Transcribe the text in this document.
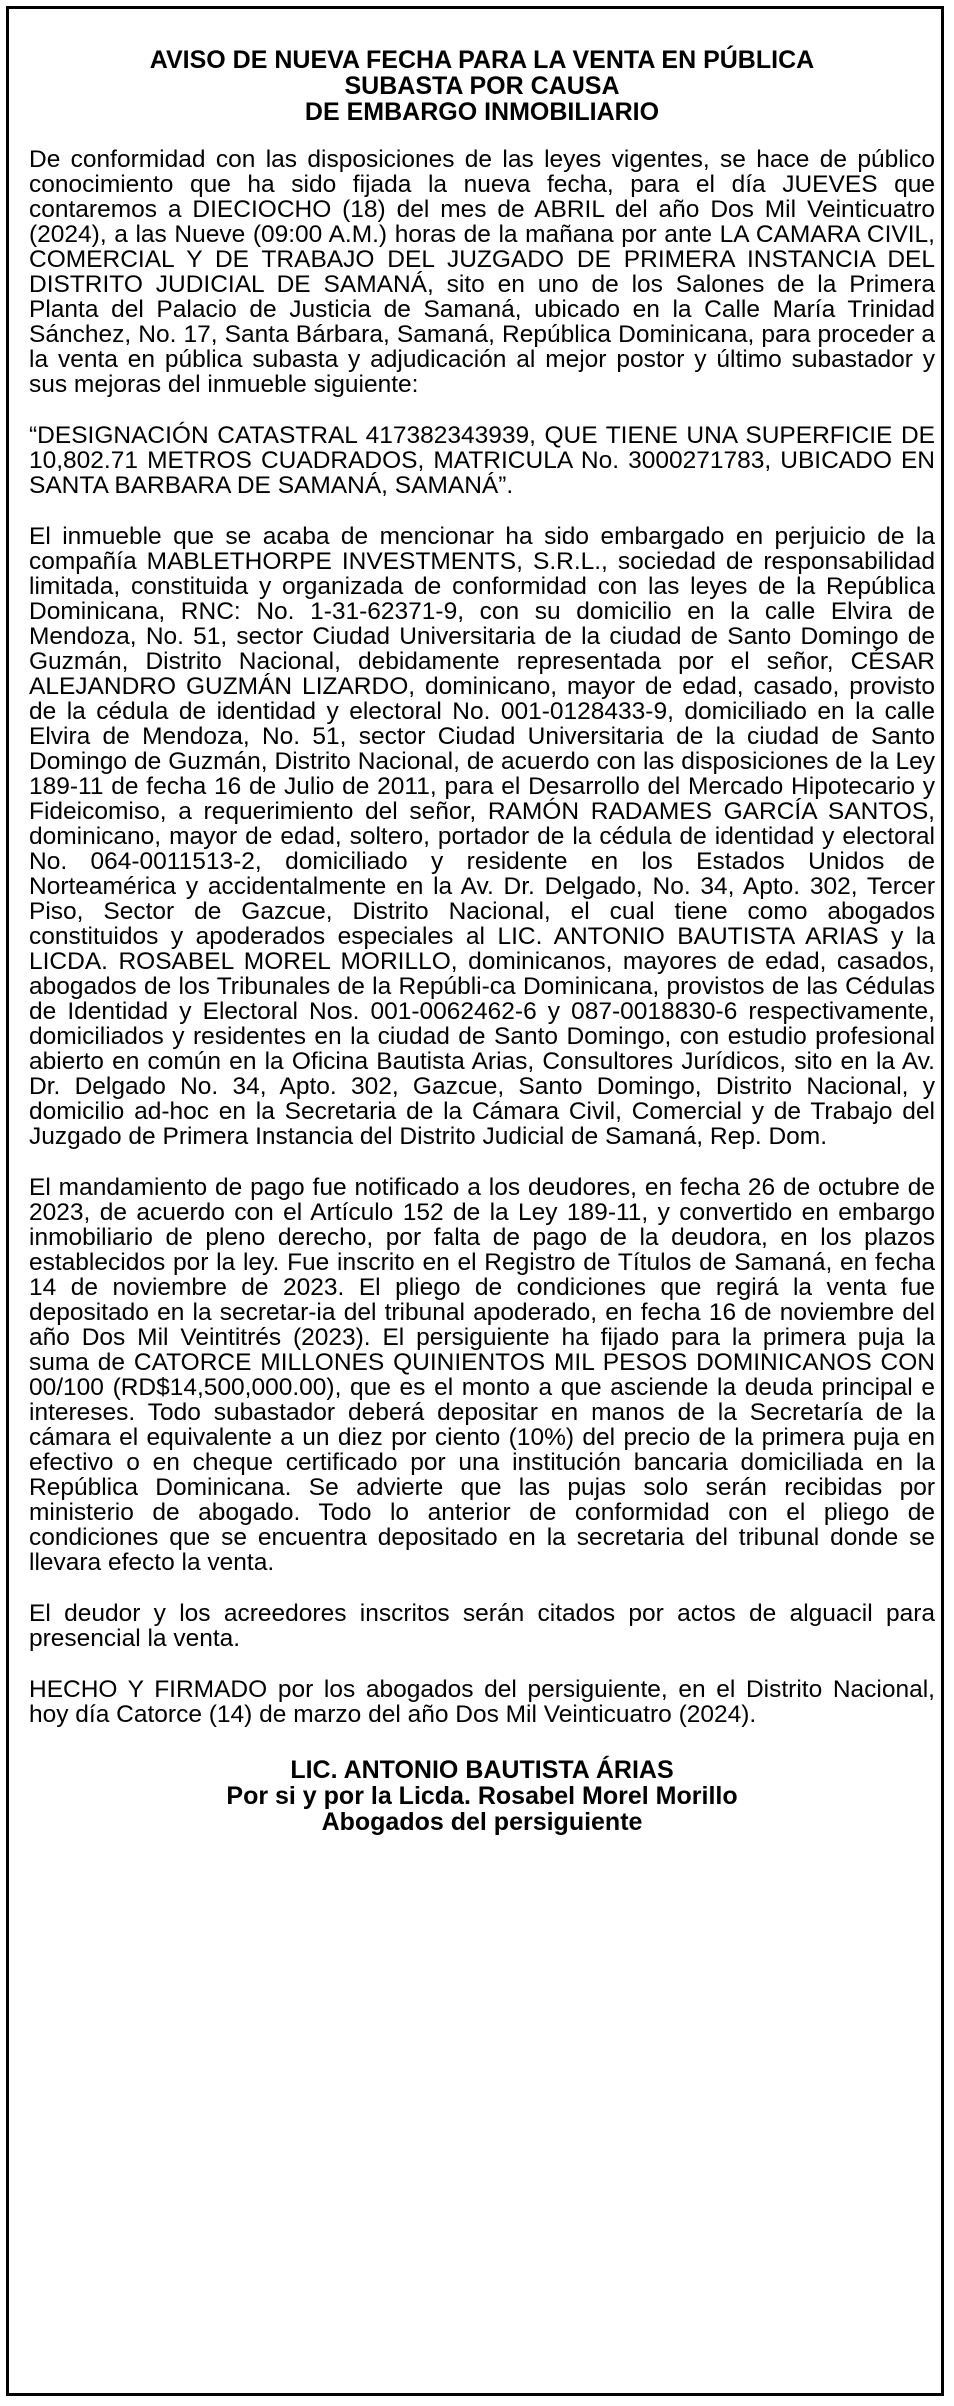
AVISO DE NUEVA FECHA PARA LA VENTA EN PÚBLICA
SUBASTA POR CAUSA
DE EMBARGO INMOBILIARIO

De conformidad con las disposiciones de las leyes vigentes, se hace de público conocimiento que ha sido fijada la nueva fecha, para el día JUEVES que contaremos a DIECIOCHO (18) del mes de ABRIL del año Dos Mil Veinticuatro (2024), a las Nueve (09:00 A.M.) horas de la mañana por ante LA CAMARA CIVIL, COMERCIAL Y DE TRABAJO DEL JUZGADO DE PRIMERA INSTANCIA DEL DISTRITO JUDICIAL DE SAMANÁ, sito en uno de los Salones de la Primera Planta del Palacio de Justicia de Samaná, ubicado en la Calle María Trinidad Sánchez, No. 17, Santa Bárbara, Samaná, República Dominicana, para proceder a la venta en pública subasta y adjudicación al mejor postor y último subastador y sus mejoras del inmueble siguiente:

“DESIGNACIÓN CATASTRAL 417382343939, QUE TIENE UNA SUPERFICIE DE 10,802.71 METROS CUADRADOS, MATRICULA No. 3000271783, UBICADO EN SANTA BARBARA DE SAMANÁ, SAMANÁ”.

El inmueble que se acaba de mencionar ha sido embargado en perjuicio de la compañía MABLETHORPE INVESTMENTS, S.R.L., sociedad de responsabilidad limitada, constituida y organizada de conformidad con las leyes de la República Dominicana, RNC: No. 1-31-62371-9, con su domicilio en la calle Elvira de Mendoza, No. 51, sector Ciudad Universitaria de la ciudad de Santo Domingo de Guzmán, Distrito Nacional, debidamente representada por el señor, CÉSAR ALEJANDRO GUZMÁN LIZARDO, dominicano, mayor de edad, casado, provisto de la cédula de identidad y electoral No. 001-0128433-9, domiciliado en la calle Elvira de Mendoza, No. 51, sector Ciudad Universitaria de la ciudad de Santo Domingo de Guzmán, Distrito Nacional, de acuerdo con las disposiciones de la Ley 189-11 de fecha 16 de Julio de 2011, para el Desarrollo del Mercado Hipotecario y Fideicomiso, a requerimiento del señor, RAMÓN RADAMES GARCÍA SANTOS, dominicano, mayor de edad, soltero, portador de la cédula de identidad y electoral No. 064-0011513-2, domiciliado y residente en los Estados Unidos de Norteamérica y accidentalmente en la Av. Dr. Delgado, No. 34, Apto. 302, Tercer Piso, Sector de Gazcue, Distrito Nacional, el cual tiene como abogados constituidos y apoderados especiales al LIC. ANTONIO BAUTISTA ARIAS y la LICDA. ROSABEL MOREL MORILLO, dominicanos, mayores de edad, casados, abogados de los Tribunales de la Repúbli-ca Dominicana, provistos de las Cédulas de Identidad y Electoral Nos. 001-0062462-6 y 087-0018830-6 respectivamente, domiciliados y residentes en la ciudad de Santo Domingo, con estudio profesional abierto en común en la Oficina Bautista Arias, Consultores Jurídicos, sito en la Av. Dr. Delgado No. 34, Apto. 302, Gazcue, Santo Domingo, Distrito Nacional, y domicilio ad-hoc en la Secretaria de la Cámara Civil, Comercial y de Trabajo del Juzgado de Primera Instancia del Distrito Judicial de Samaná, Rep. Dom.

El mandamiento de pago fue notificado a los deudores, en fecha 26 de octubre de 2023, de acuerdo con el Artículo 152 de la Ley 189-11, y convertido en embargo inmobiliario de pleno derecho, por falta de pago de la deudora, en los plazos establecidos por la ley. Fue inscrito en el Registro de Títulos de Samaná, en fecha 14 de noviembre de 2023. El pliego de condiciones que regirá la venta fue depositado en la secretar-ia del tribunal apoderado, en fecha 16 de noviembre del año Dos Mil Veintitrés (2023). El persiguiente ha fijado para la primera puja la suma de CATORCE MILLONES QUINIENTOS MIL PESOS DOMINICANOS CON 00/100 (RD$14,500,000.00), que es el monto a que asciende la deuda principal e intereses. Todo subastador deberá depositar en manos de la Secretaría de la cámara el equivalente a un diez por ciento (10%) del precio de la primera puja en efectivo o en cheque certificado por una institución bancaria domiciliada en la República Dominicana. Se advierte que las pujas solo serán recibidas por ministerio de abogado. Todo lo anterior de conformidad con el pliego de condiciones que se encuentra depositado en la secretaria del tribunal donde se llevara efecto la venta.

El deudor y los acreedores inscritos serán citados por actos de alguacil para presencial la venta.

HECHO Y FIRMADO por los abogados del persiguiente, en el Distrito Nacional, hoy día Catorce (14) de marzo del año Dos Mil Veinticuatro (2024).

LIC. ANTONIO BAUTISTA ÁRIAS
Por si y por la Licda. Rosabel Morel Morillo
Abogados del persiguiente
